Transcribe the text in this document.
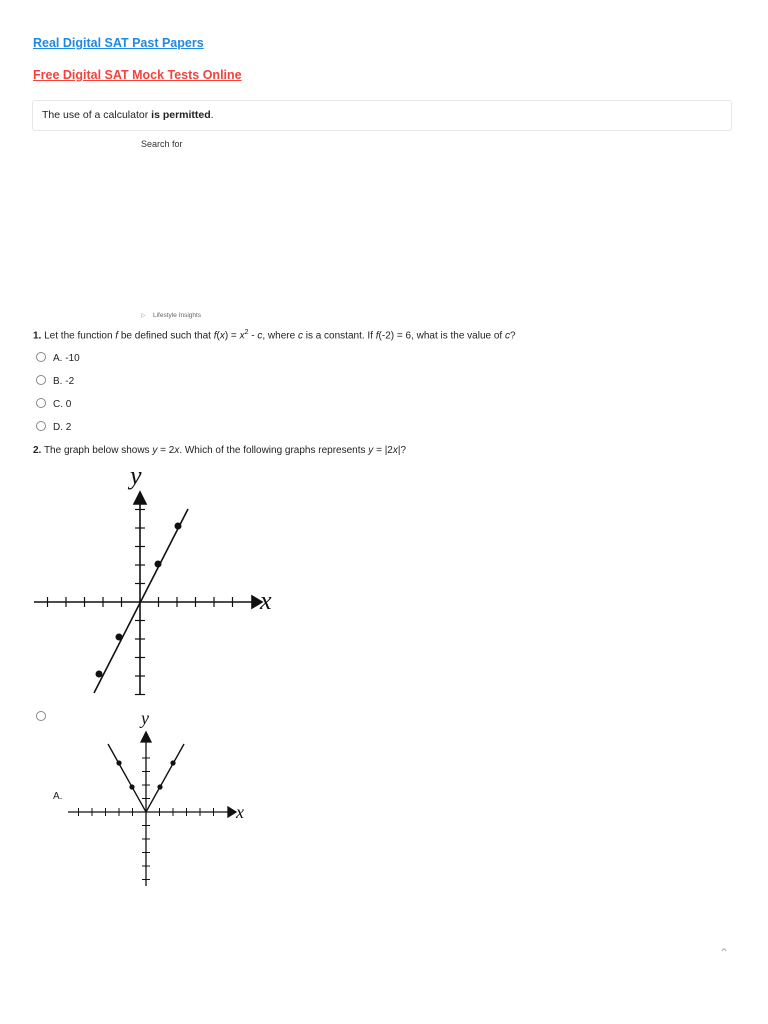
Real Digital SAT Past Papers
Free Digital SAT Mock Tests Online
The use of a calculator is permitted.
Search for
▷ Lifestyle Insights
1. Let the function f be defined such that $f(x) = x^2 - c$, where c is a constant. If f(-2) = 6, what is the value of c?
A. -10
B. -2
C. 0
D. 2
2. The graph below shows y = 2x. Which of the following graphs represents y = |2x|?
x
y
A.
x
y
⌃
